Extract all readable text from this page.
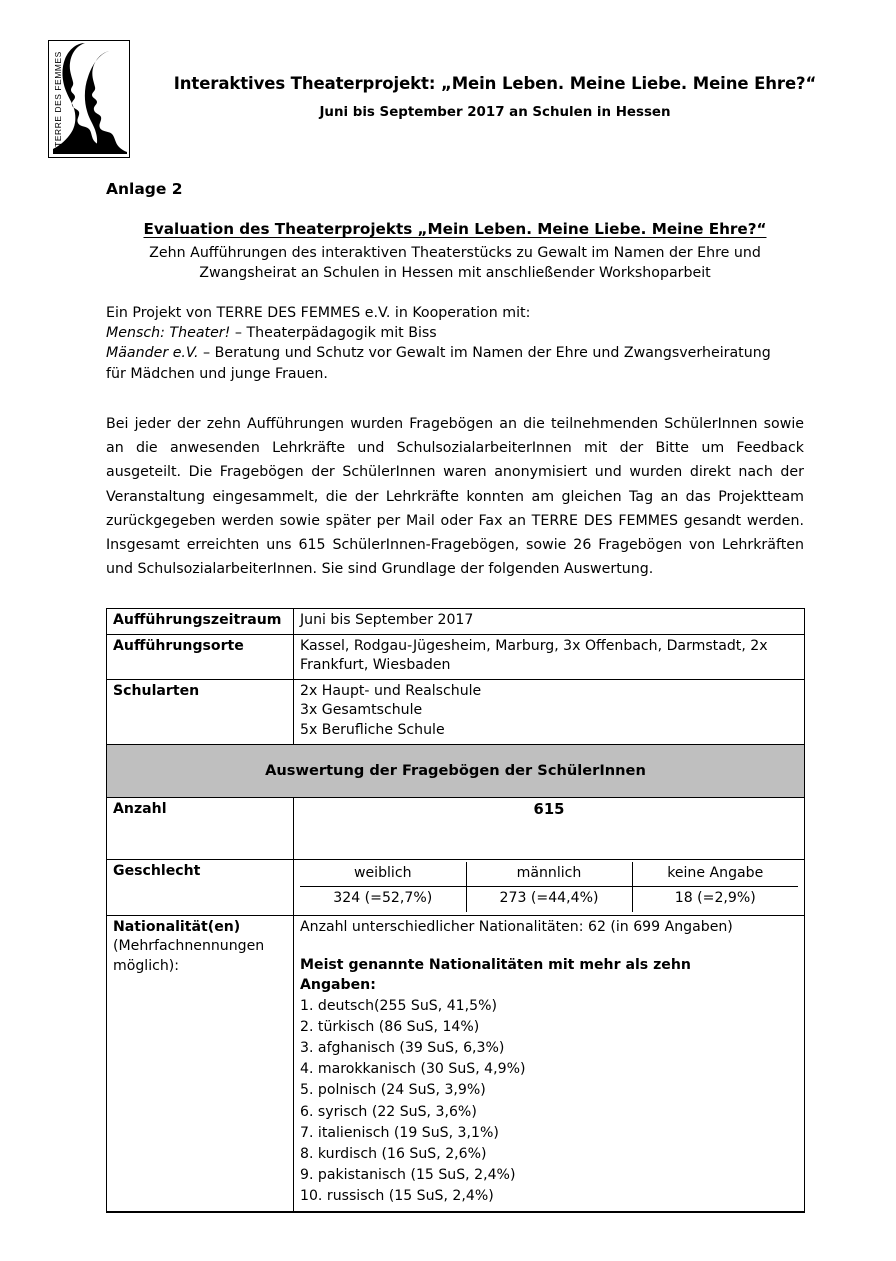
TERRE DES FEMMES	Interaktives Theaterprojekt: „Mein Leben. Meine Liebe. Meine Ehre?“
Juni bis September 2017 an Schulen in Hessen
Anlage 2
Evaluation des Theaterprojekts „Mein Leben. Meine Liebe. Meine Ehre?“
Zehn Aufführungen des interaktiven Theaterstücks zu Gewalt im Namen der Ehre und
Zwangsheirat an Schulen in Hessen mit anschließender Workshoparbeit
Ein Projekt von TERRE DES FEMMES e.V. in Kooperation mit:
Mensch: Theater! – Theaterpädagogik mit Biss
Mäander e.V. – Beratung und Schutz vor Gewalt im Namen der Ehre und Zwangsverheiratung
für Mädchen und junge Frauen.
Bei jeder der zehn Aufführungen wurden Fragebögen an die teilnehmenden SchülerInnen sowie an die anwesenden Lehrkräfte und SchulsozialarbeiterInnen mit der Bitte um Feedback ausgeteilt. Die Fragebögen der SchülerInnen waren anonymisiert und wurden direkt nach der Veranstaltung eingesammelt, die der Lehrkräfte konnten am gleichen Tag an das Projektteam zurückgegeben werden sowie später per Mail oder Fax an TERRE DES FEMMES gesandt werden. Insgesamt erreichten uns 615 SchülerInnen-Fragebögen, sowie 26 Fragebögen von Lehrkräften und SchulsozialarbeiterInnen. Sie sind Grundlage der folgenden Auswertung.
Aufführungszeitraum	Juni bis September 2017
Aufführungsorte	Kassel, Rodgau-Jügesheim, Marburg, 3x Offenbach, Darmstadt, 2x Frankfurt, Wiesbaden
Schularten	2x Haupt- und Realschule
3x Gesamtschule
5x Berufliche Schule

Auswertung der Fragebögen der SchülerInnen
Anzahl	615
Geschlecht		weiblich	männlich	keine Angabe
324 (=52,7%)	273 (=44,4%)	18 (=2,9%)

Nationalität(en)
(Mehrfachnennungen möglich):

Anzahl unterschiedlicher Nationalitäten: 62 (in 699 Angaben)
Meist genannte Nationalitäten mit mehr als zehn
Angaben:
1. deutsch(255 SuS, 41,5%)
2. türkisch (86 SuS, 14%)
3. afghanisch (39 SuS, 6,3%)
4. marokkanisch (30 SuS, 4,9%)
5. polnisch (24 SuS, 3,9%)
6. syrisch (22 SuS, 3,6%)
7. italienisch (19 SuS, 3,1%)
8. kurdisch (16 SuS, 2,6%)
9. pakistanisch (15 SuS, 2,4%)
10. russisch (15 SuS, 2,4%)
